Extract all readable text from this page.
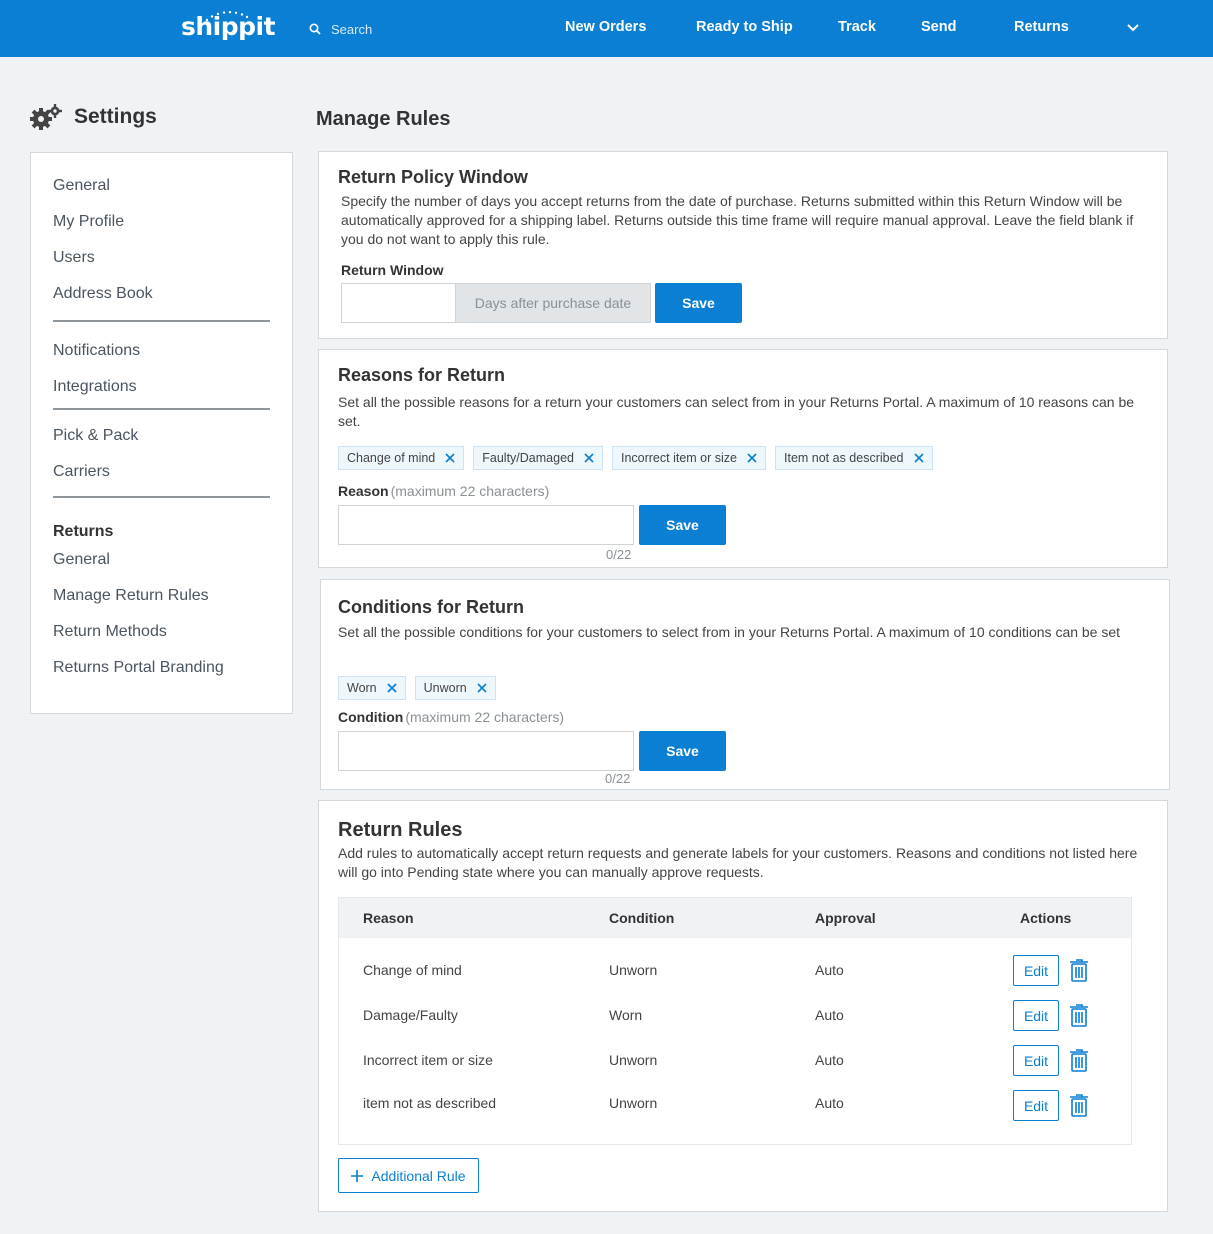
shippit
Search	New Orders	Ready to Ship	Track	Send	Returns
Settings
General
My Profile
Users
Address Book
Notifications
Integrations
Pick & Pack
Carriers
Returns
General
Manage Return Rules
Return Methods
Returns Portal Branding
Manage Rules
Return Policy Window

Specify the number of days you accept returns from the date of purchase. Returns submitted within this Return Window will be automatically approved for a shipping label. Returns outside this time frame will require manual approval. Leave the field blank if you do not want to apply this rule.

Return Window
Days after purchase date	Save
Reasons for Return

Set all the possible reasons for a return your customers can select from in your Returns Portal. A maximum of 10 reasons can be set.

Change of mind	Faulty/Damaged	Incorrect item or size	Item not as described
Reason (maximum 22 characters)
0/22
Save
Conditions for Return

Set all the possible conditions for your customers to select from in your Returns Portal. A maximum of 10 conditions can be set

Worn	Unworn
Condition (maximum 22 characters)
0/22
Save
Return Rules

Add rules to automatically accept return requests and generate labels for your customers. Reasons and conditions not listed here will go into Pending state where you can manually approve requests.

Reason	Condition	Approval	Actions
Change of mind	Unworn	Auto	Edit
Damage/Faulty	Worn	Auto	Edit
Incorrect item or size	Unworn	Auto	Edit
item not as described	Unworn	Auto	Edit
Additional Rule
